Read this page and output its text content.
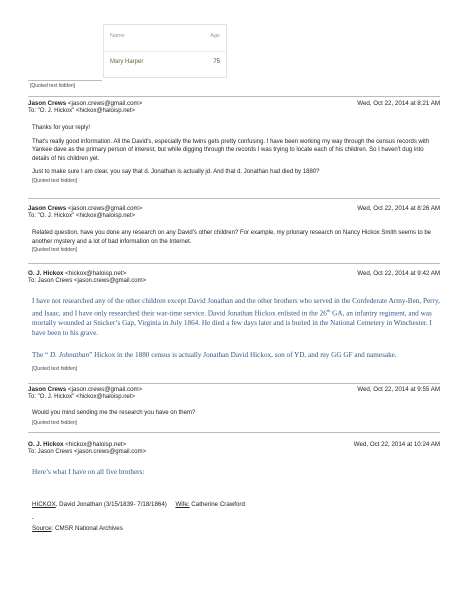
Name	Age
Mary Harper	75
[Quoted text hidden]
Jason Crews <jason.crews@gmail.com>	Wed, Oct 22, 2014 at 8:21 AM
To: "O. J. Hickox" <hickox@haloisp.net>

Thanks for your reply!

That's really good information. All the David's, especially the twins gets pretty confusing. I have been working my way through the census records with Yankee dave as the primary person of interest, but while digging through the records I was trying to locate each of his children. So I haven't dug into details of his children yet.

Just to make sure I am clear, you say that d. Jonathan is actually jd. And that d. Jonathan had died by 1880?

[Quoted text hidden]
Jason Crews <jason.crews@gmail.com>	Wed, Oct 22, 2014 at 8:26 AM
To: "O. J. Hickox" <hickox@haloisp.net>

Related question, have you done any research on any David's other children? For example, my prlonary research on Nancy Hickox Smith seems to be another mystery and a lot of bad information on the Internet.

[Quoted text hidden]
O. J. Hickox <hickox@haloisp.net>	Wed, Oct 22, 2014 at 9:42 AM
To: Jason Crews <jason.crews@gmail.com>

I have not researched any of the other children except David Jonathan and the other brothers who served in the Confederate Army-Ben, Perry, and Isaac, and I have only researched their war-time service. David Jonathan Hickox enlisted in the 26th GA, an infantry regiment, and was mortally wounded at Snicker’s Gap, Virginia in July 1864. He died a few days later and is buried in the National Cemetery in Winchester. I have been to his grave.

The “ D. Johnathan” Hickox in the 1880 census is actually Jonathan David Hickox, son of YD, and my GG GF and namesake.

[Quoted text hidden]
Jason Crews <jason.crews@gmail.com>	Wed, Oct 22, 2014 at 9:55 AM
To: "O. J. Hickox" <hickox@haloisp.net>

Would you mind sending me the research you have on them?

[Quoted text hidden]
O. J. Hickox <hickox@haloisp.net>	Wed, Oct 22, 2014 at 10:24 AM
To: Jason Crews <jason.crews@gmail.com>

Here’s what I have on all five brothers:

HICKOX, David Jonathan (3/15/1839- 7/18/1864) Wife: Catherine Crawford
-
Source: CMSR National Archives
